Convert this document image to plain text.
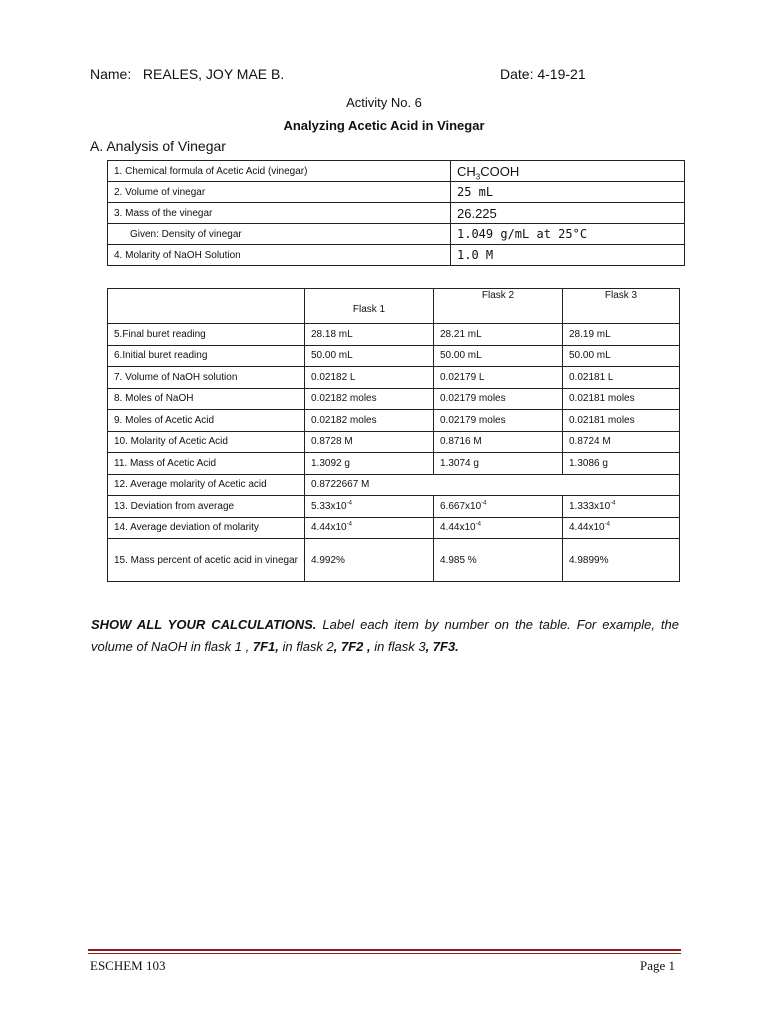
Name: REALES, JOY MAE B.	Date: 4-19-21
Activity No. 6
Analyzing Acetic Acid in Vinegar
A. Analysis of Vinegar
1. Chemical formula of Acetic Acid (vinegar)	$CH_3COOH$
2. Volume of vinegar	25 mL
3. Mass of the vinegar	26.225
Given: Density of vinegar	1.049 g/mL at 25°C
4. Molarity of NaOH Solution	1.0 M
	Flask 1	Flask 2	Flask 3
5.Final buret reading	28.18 mL	28.21 mL	28.19 mL
6.Initial buret reading	50.00 mL	50.00 mL	50.00 mL
7. Volume of NaOH solution	0.02182 L	0.02179 L	0.02181 L
8. Moles of NaOH	0.02182 moles	0.02179 moles	0.02181 moles
9. Moles of Acetic Acid	0.02182 moles	0.02179 moles	0.02181 moles
10. Molarity of Acetic Acid	0.8728 M	0.8716 M	0.8724 M
11. Mass of Acetic Acid	1.3092 g	1.3074 g	1.3086 g
12. Average molarity of Acetic acid	0.8722667 M		
13. Deviation from average	$5.33x10^{-4}$	$6.667x10^{-4}$	$1.333x10^{-4}$
14. Average deviation of molarity	$4.44x10^{-4}$	$4.44x10^{-4}$	$4.44x10^{-4}$
15. Mass percent of acetic acid in vinegar	4.992%	4.985 %	4.9899%
SHOW ALL YOUR CALCULATIONS. Label each item by number on the table. For example, the volume of NaOH in flask 1 , 7F1, in flask 2, 7F2 , in flask 3, 7F3.
ESCHEM 103	Page 1
